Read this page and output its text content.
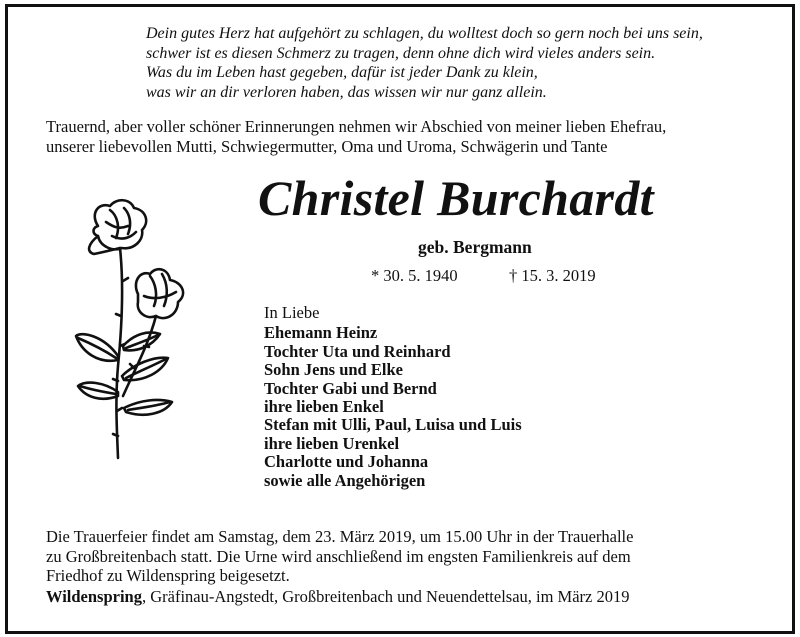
Dein gutes Herz hat aufgehört zu schlagen, du wolltest doch so gern noch bei uns sein,
schwer ist es diesen Schmerz zu tragen, denn ohne dich wird vieles anders sein.
Was du im Leben hast gegeben, dafür ist jeder Dank zu klein,
was wir an dir verloren haben, das wissen wir nur ganz allein.
Trauernd, aber voller schöner Erinnerungen nehmen wir Abschied von meiner lieben Ehefrau,
unserer liebevollen Mutti, Schwiegermutter, Oma und Uroma, Schwägerin und Tante
Christel Burchardt
geb. Bergmann
* 30. 5. 1940	† 15. 3. 2019
In Liebe
Ehemann Heinz
Tochter Uta und Reinhard
Sohn Jens und Elke
Tochter Gabi und Bernd
ihre lieben Enkel
Stefan mit Ulli, Paul, Luisa und Luis
ihre lieben Urenkel
Charlotte und Johanna
sowie alle Angehörigen
Die Trauerfeier findet am Samstag, dem 23. März 2019, um 15.00 Uhr in der Trauerhalle
zu Großbreitenbach statt. Die Urne wird anschließend im engsten Familienkreis auf dem
Friedhof zu Wildenspring beigesetzt.
Wildenspring, Gräfinau-Angstedt, Großbreitenbach und Neuendettelsau, im März 2019
